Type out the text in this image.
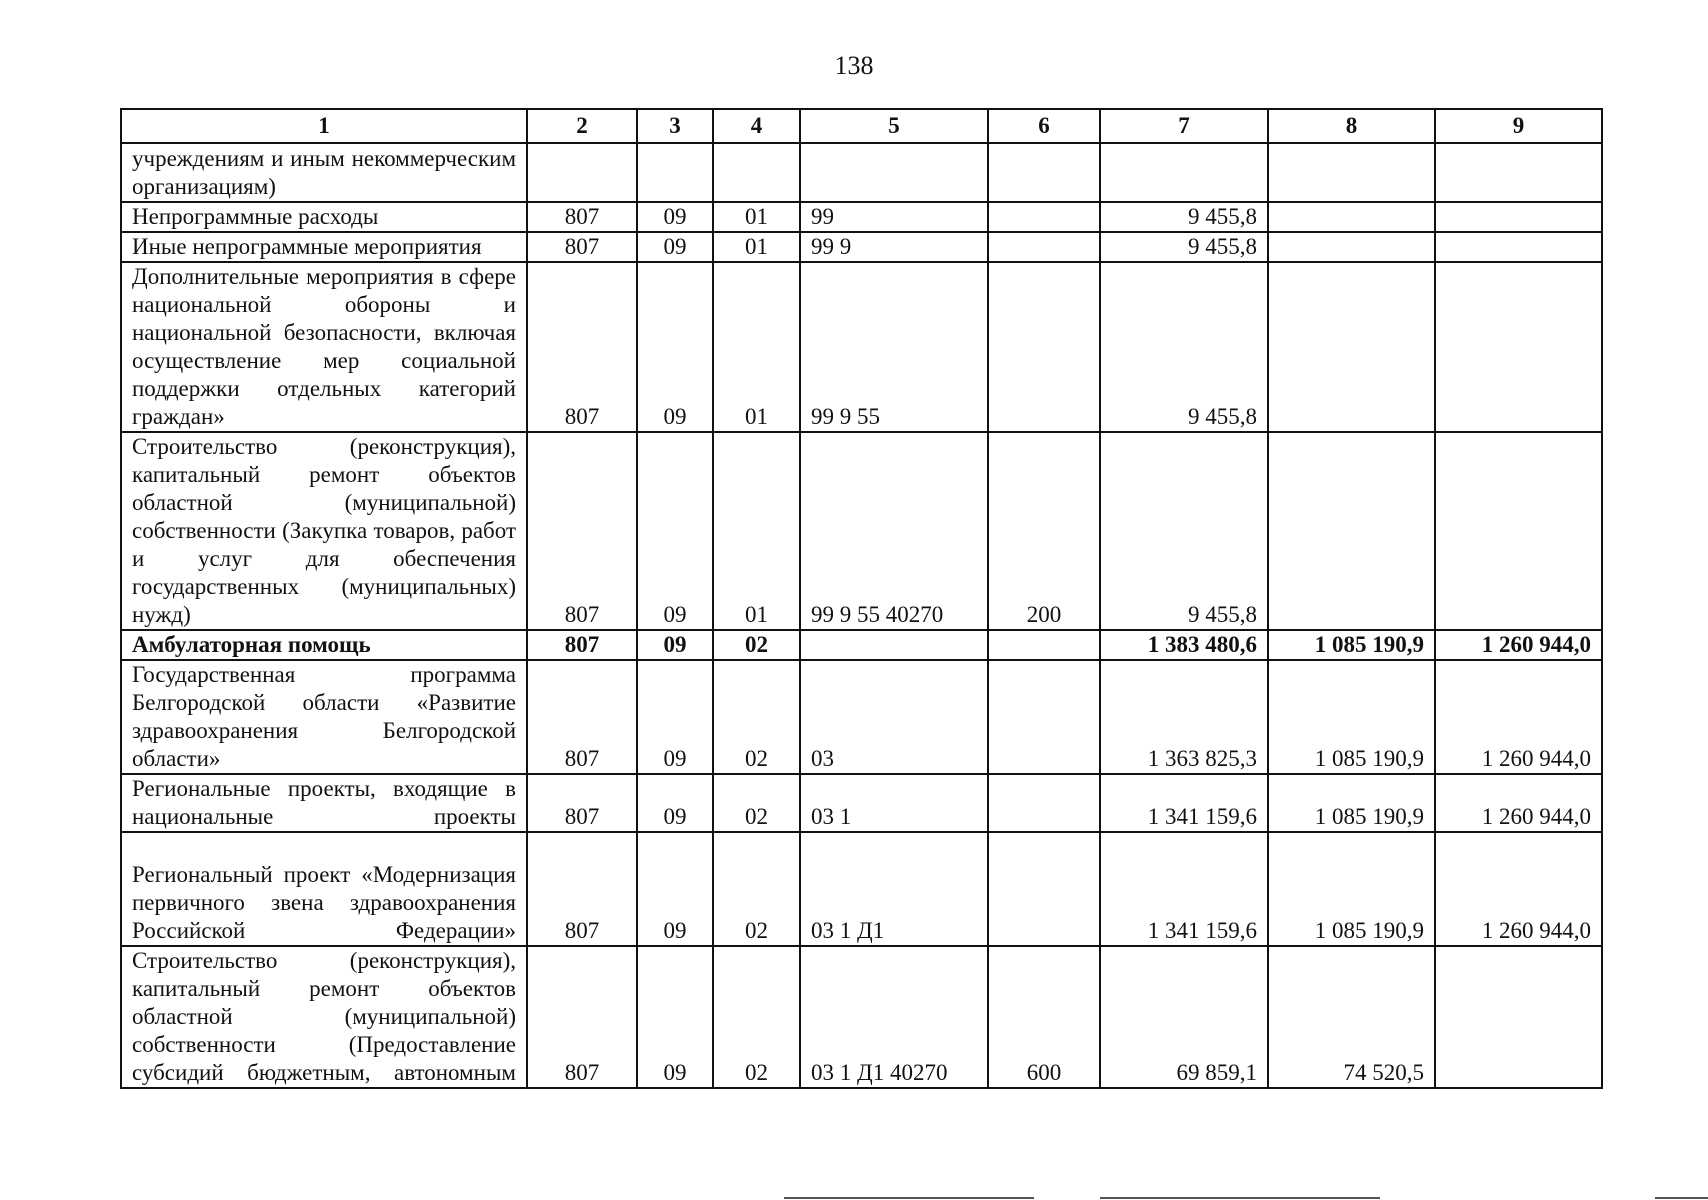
138
1	2	3	4	5	6	7	8	9
учреждениям и иным некоммерческим организациям)								
Непрограммные расходы	807	09	01	99		9 455,8		
Иные непрограммные мероприятия	807	09	01	99 9		9 455,8		
Дополнительные мероприятия в сфере национальной обороны и национальной безопасности, включая осуществление мер социальной поддержки отдельных категорий граждан»	807	09	01	99 9 55		9 455,8		
Строительство (реконструкция), капитальный ремонт объектов областной (муниципальной) собственности (Закупка товаров, работ и услуг для обеспечения государственных (муниципальных) нужд)	807	09	01	99 9 55 40270	200	9 455,8		
Амбулаторная помощь	807	09	02			1 383 480,6	1 085 190,9	1 260 944,0
Государственная программа Белгородской области «Развитие здравоохранения Белгородской области»	807	09	02	03		1 363 825,3	1 085 190,9	1 260 944,0
Региональные проекты, входящие в национальные проекты	807	09	02	03 1		1 341 159,6	1 085 190,9	1 260 944,0
Региональный проект «Модернизация первичного звена здравоохранения Российской Федерации»	807	09	02	03 1 Д1		1 341 159,6	1 085 190,9	1 260 944,0
Строительство (реконструкция), капитальный ремонт объектов областной (муниципальной) собственности (Предоставление субсидий бюджетным, автономным	807	09	02	03 1 Д1 40270	600	69 859,1	74 520,5	
